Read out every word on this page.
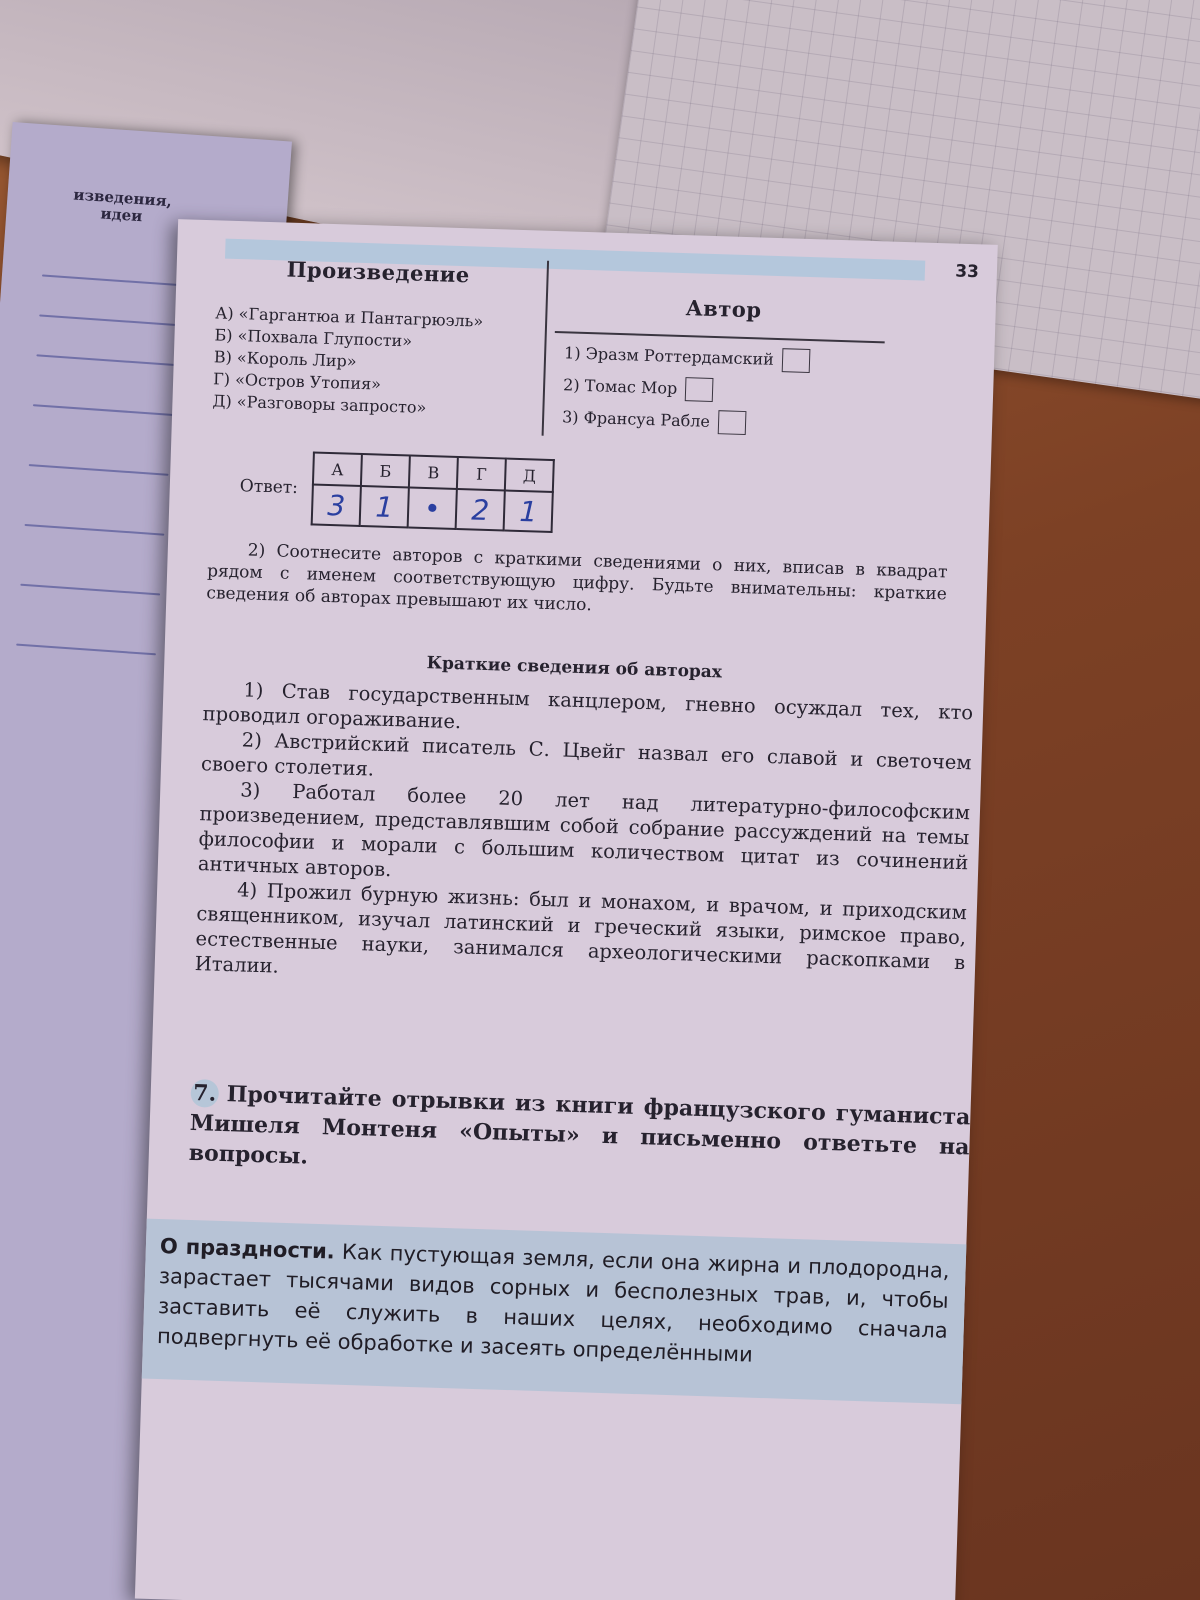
изведения,
идеи
33
Произведение
Автор
А) «Гаргантюа и Пантагрюэль»
Б) «Похвала Глупости»
В) «Король Лир»
Г) «Остров Утопия»
Д) «Разговоры запросто»
1) Эразм Роттердамский
2) Томас Мор
3) Франсуа Рабле
Ответ:
А	Б	В	Г	Д
3	1	•	2	1

2) Соотнесите авторов с краткими сведениями о них, вписав в квадрат рядом с именем соответствующую цифру. Будьте внимательны: краткие сведения об авторах превышают их число.

Краткие сведения об авторах
1) Став государственным канцлером, гневно осуждал тех, кто проводил огораживание.
2) Австрийский писатель С. Цвейг назвал его славой и светочем своего столетия.
3) Работал более 20 лет над литературно-философским произведением, представлявшим собой собрание рассуждений на темы философии и морали с большим количеством цитат из сочинений античных авторов.
4) Прожил бурную жизнь: был и монахом, и врачом, и приходским священником, изучал латинский и греческий языки, римское право, естественные науки, занимался археологическими раскопками в Италии.
7. Прочитайте отрывки из книги французского гуманиста Мишеля Монтеня «Опыты» и письменно ответьте на вопросы.
О праздности. Как пустующая земля, если она жирна и плодородна, зарастает тысячами видов сорных и бесполезных трав, и, чтобы заставить её служить в наших целях, необходимо сначала подвергнуть её обработке и засеять определёнными
